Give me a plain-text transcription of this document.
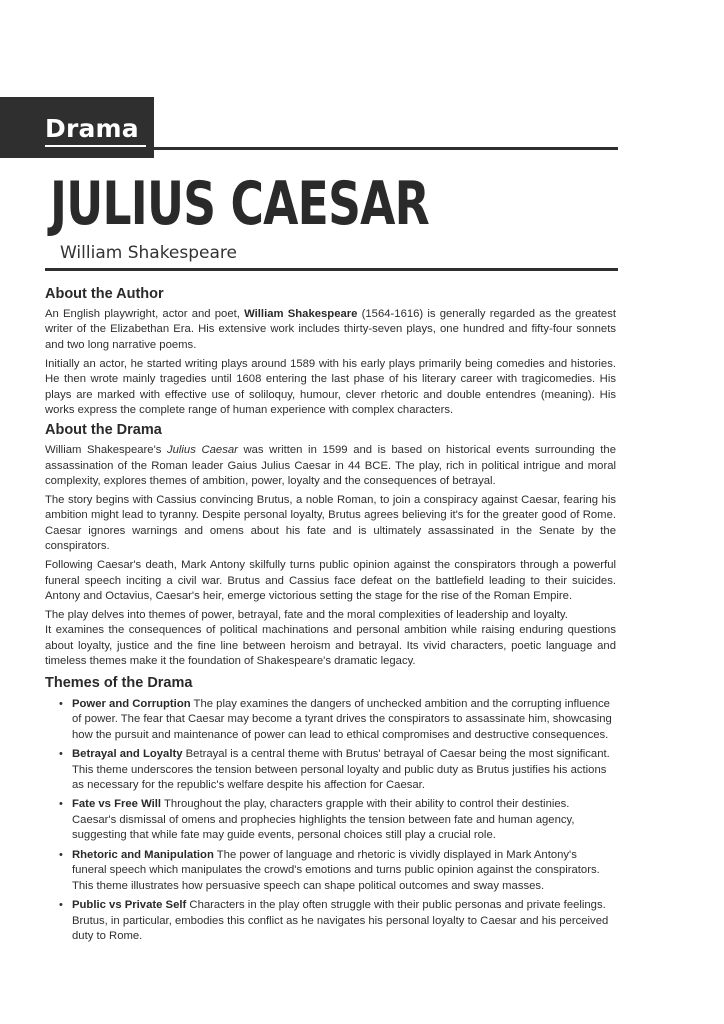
Drama
JULIUS CAESAR
William Shakespeare
About the Author

An English playwright, actor and poet, William Shakespeare (1564-1616) is generally regarded as the greatest writer of the Elizabethan Era. His extensive work includes thirty-seven plays, one hundred and fifty-four sonnets and two long narrative poems.

Initially an actor, he started writing plays around 1589 with his early plays primarily being comedies and histories. He then wrote mainly tragedies until 1608 entering the last phase of his literary career with tragicomedies. His plays are marked with effective use of soliloquy, humour, clever rhetoric and double entendres (meaning). His works express the complete range of human experience with complex characters.

About the Drama

William Shakespeare's Julius Caesar was written in 1599 and is based on historical events surrounding the assassination of the Roman leader Gaius Julius Caesar in 44 BCE. The play, rich in political intrigue and moral complexity, explores themes of ambition, power, loyalty and the consequences of betrayal.

The story begins with Cassius convincing Brutus, a noble Roman, to join a conspiracy against Caesar, fearing his ambition might lead to tyranny. Despite personal loyalty, Brutus agrees believing it's for the greater good of Rome. Caesar ignores warnings and omens about his fate and is ultimately assassinated in the Senate by the conspirators.

Following Caesar's death, Mark Antony skilfully turns public opinion against the conspirators through a powerful funeral speech inciting a civil war. Brutus and Cassius face defeat on the battlefield leading to their suicides. Antony and Octavius, Caesar's heir, emerge victorious setting the stage for the rise of the Roman Empire.

The play delves into themes of power, betrayal, fate and the moral complexities of leadership and loyalty.

It examines the consequences of political machinations and personal ambition while raising enduring questions about loyalty, justice and the fine line between heroism and betrayal. Its vivid characters, poetic language and timeless themes make it the foundation of Shakespeare's dramatic legacy.

Themes of the Drama
• Power and Corruption The play examines the dangers of unchecked ambition and the corrupting influence of power. The fear that Caesar may become a tyrant drives the conspirators to assassinate him, showcasing how the pursuit and maintenance of power can lead to ethical compromises and destructive consequences.
• Betrayal and Loyalty Betrayal is a central theme with Brutus' betrayal of Caesar being the most significant. This theme underscores the tension between personal loyalty and public duty as Brutus justifies his actions as necessary for the republic's welfare despite his affection for Caesar.
• Fate vs Free Will Throughout the play, characters grapple with their ability to control their destinies. Caesar's dismissal of omens and prophecies highlights the tension between fate and human agency, suggesting that while fate may guide events, personal choices still play a crucial role.
• Rhetoric and Manipulation The power of language and rhetoric is vividly displayed in Mark Antony's funeral speech which manipulates the crowd's emotions and turns public opinion against the conspirators. This theme illustrates how persuasive speech can shape political outcomes and sway masses.
• Public vs Private Self Characters in the play often struggle with their public personas and private feelings. Brutus, in particular, embodies this conflict as he navigates his personal loyalty to Caesar and his perceived duty to Rome.
